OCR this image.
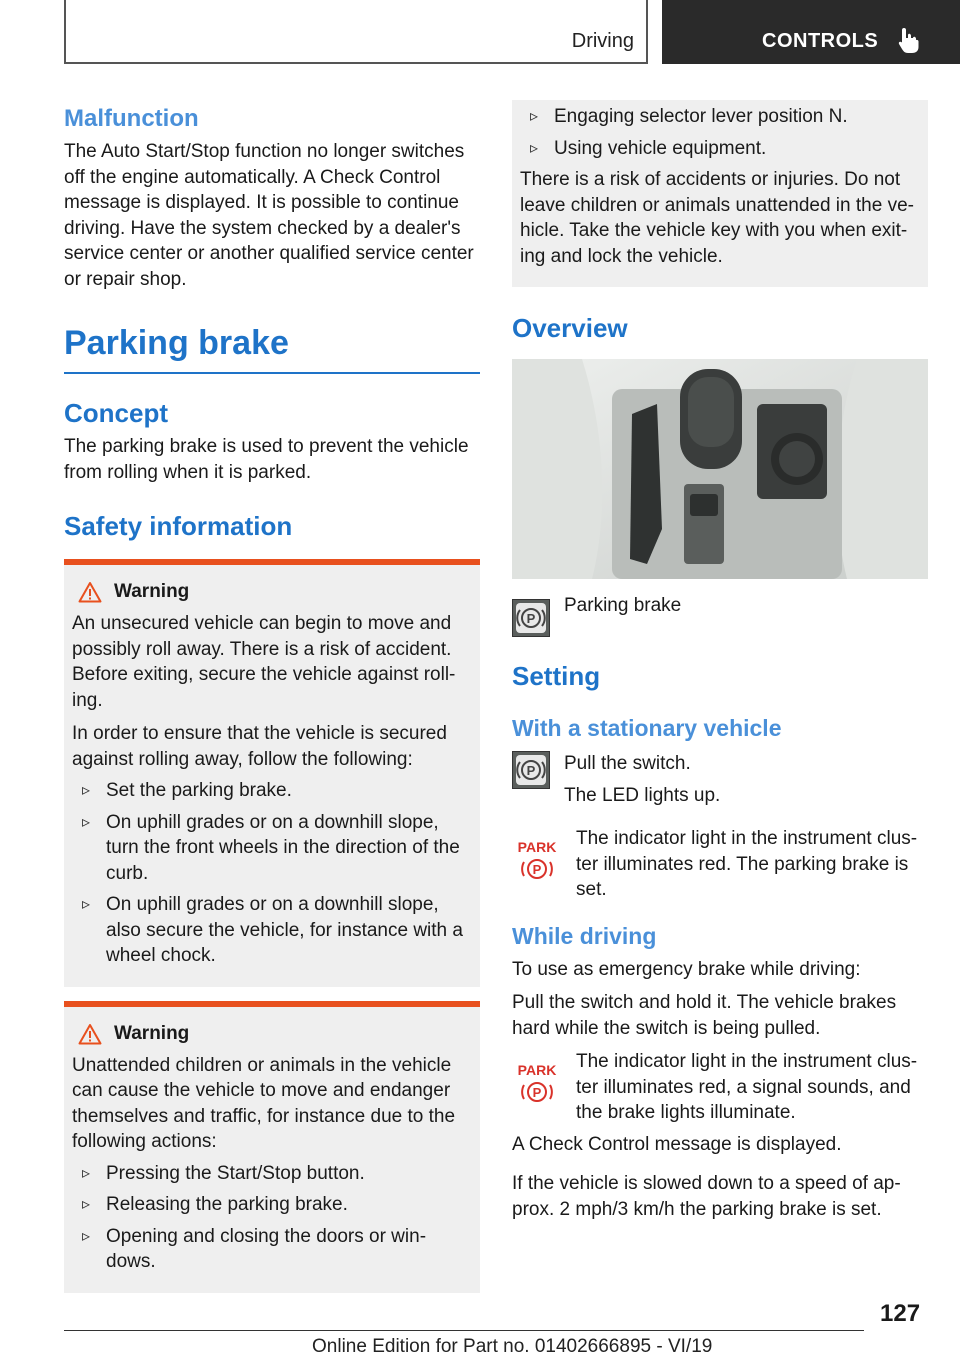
Driving	CONTROLS
Malfunction

The Auto Start/Stop function no longer switches off the engine automatically. A Check Control message is displayed. It is possible to continue driving. Have the system checked by a dealer's service center or another qualified service center or repair shop.

Parking brake
Concept

The parking brake is used to prevent the vehicle from rolling when it is parked.

Safety information
Warning

An unsecured vehicle can begin to move and possibly roll away. There is a risk of accident. Before exiting, secure the vehicle against roll‐ing.

In order to ensure that the vehicle is secured against rolling away, follow the following:

▹ Set the parking brake.
▹ On uphill grades or on a downhill slope, turn the front wheels in the direction of the curb.
▹ On uphill grades or on a downhill slope, also secure the vehicle, for instance with a wheel chock.
Warning

Unattended children or animals in the vehicle can cause the vehicle to move and endanger themselves and traffic, for instance due to the following actions:

▹ Pressing the Start/Stop button.
▹ Releasing the parking brake.
▹ Opening and closing the doors or win‐dows.
▹ Engaging selector lever position N.
▹ Using vehicle equipment.

There is a risk of accidents or injuries. Do not leave children or animals unattended in the ve‐hicle. Take the vehicle key with you when exit‐ing and lock the vehicle.

Overview
P

Parking brake

Setting
With a stationary vehicle
P Pull the switch.

The LED lights up.

PARK
P

The indicator light in the instrument clus‐ter illuminates red. The parking brake is set.

While driving

To use as emergency brake while driving:

Pull the switch and hold it. The vehicle brakes hard while the switch is being pulled.

PARK
P

The indicator light in the instrument clus‐ter illuminates red, a signal sounds, and the brake lights illuminate.

A Check Control message is displayed.

If the vehicle is slowed down to a speed of ap‐prox. 2 mph/3 km/h the parking brake is set.

127
Online Edition for Part no. 01402666895 - VI/19
